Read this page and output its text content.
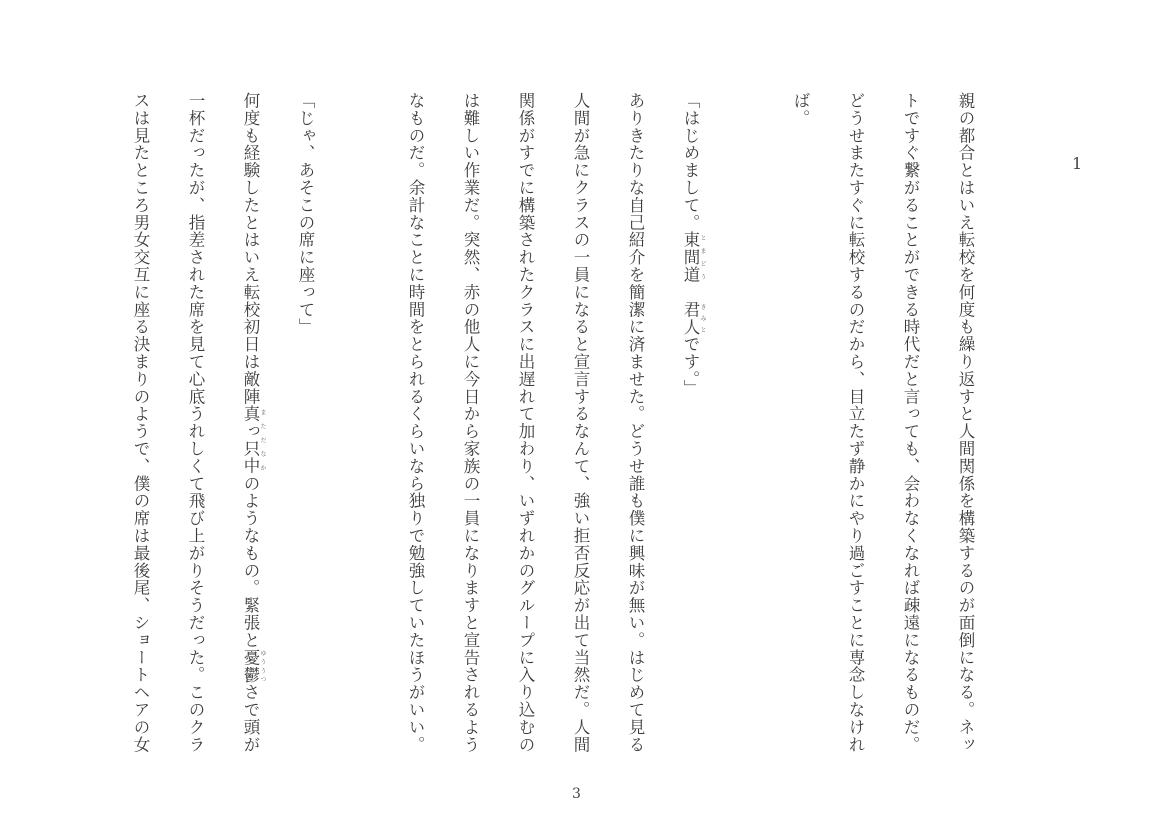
1

親の都合とはいえ転校を何度も繰り返すと人間関係を構築するのが面倒になる。ネッ

トですぐ繋がることができる時代だと言っても、会わなくなれば疎遠になるものだ。

どうせまたすぐに転校するのだから、目立たず静かにやり過ごすことに専念しなけれ

ば。

「はじめまして。東間道 とまどう　君人 きみとです。」

ありきたりな自己紹介を簡潔に済ませた。どうせ誰も僕に興味が無い。はじめて見る

人間が急にクラスの一員になると宣言するなんて、強い拒否反応が出て当然だ。人間

関係がすでに構築されたクラスに出遅れて加わり、いずれかのグループに入り込むの

は難しい作業だ。突然、赤の他人に今日から家族の一員になりますと宣告されるよう

なものだ。余計なことに時間をとられるくらいなら独りで勉強していたほうがいい。

「じゃ、あそこの席に座って」

何度も経験したとはいえ転校初日は敵陣真っ只中 まただなかのようなもの。緊張と憂鬱 ゆううつさで頭が

一杯だったが、指差された席を見て心底うれしくて飛び上がりそうだった。このクラ

スは見たところ男女交互に座る決まりのようで、僕の席は最後尾、ショートヘアの女

3
